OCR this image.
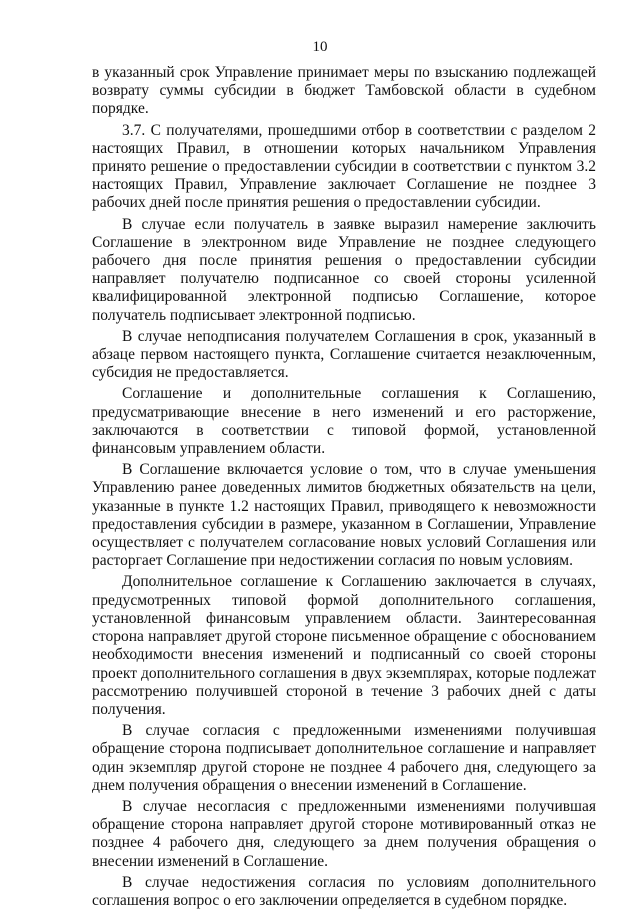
10

в указанный срок Управление принимает меры по взысканию подлежащей возврату суммы субсидии в бюджет Тамбовской области в судебном порядке.

3.7. С получателями, прошедшими отбор в соответствии с разделом 2 настоящих Правил, в отношении которых начальником Управления принято решение о предоставлении субсидии в соответствии с пунктом 3.2 настоящих Правил, Управление заключает Соглашение не позднее 3 рабочих дней после принятия решения о предоставлении субсидии.

В случае если получатель в заявке выразил намерение заключить Соглашение в электронном виде Управление не позднее следующего рабочего дня после принятия решения о предоставлении субсидии направляет получателю подписанное со своей стороны усиленной квалифицированной электронной подписью Соглашение, которое получатель подписывает электронной подписью.

В случае неподписания получателем Соглашения в срок, указанный в абзаце первом настоящего пункта, Соглашение считается незаключенным, субсидия не предоставляется.

Соглашение и дополнительные соглашения к Соглашению, предусматривающие внесение в него изменений и его расторжение, заключаются в соответствии с типовой формой, установленной финансовым управлением области.

В Соглашение включается условие о том, что в случае уменьшения Управлению ранее доведенных лимитов бюджетных обязательств на цели, указанные в пункте 1.2 настоящих Правил, приводящего к невозможности предоставления субсидии в размере, указанном в Соглашении, Управление осуществляет с получателем согласование новых условий Соглашения или расторгает Соглашение при недостижении согласия по новым условиям.

Дополнительное соглашение к Соглашению заключается в случаях, предусмотренных типовой формой дополнительного соглашения, установленной финансовым управлением области. Заинтересованная сторона направляет другой стороне письменное обращение с обоснованием необходимости внесения изменений и подписанный со своей стороны проект дополнительного соглашения в двух экземплярах, которые подлежат рассмотрению получившей стороной в течение 3 рабочих дней с даты получения.

В случае согласия с предложенными изменениями получившая обращение сторона подписывает дополнительное соглашение и направляет один экземпляр другой стороне не позднее 4 рабочего дня, следующего за днем получения обращения о внесении изменений в Соглашение.

В случае несогласия с предложенными изменениями получившая обращение сторона направляет другой стороне мотивированный отказ не позднее 4 рабочего дня, следующего за днем получения обращения о внесении изменений в Соглашение.

В случае недостижения согласия по условиям дополнительного соглашения вопрос о его заключении определяется в судебном порядке.
